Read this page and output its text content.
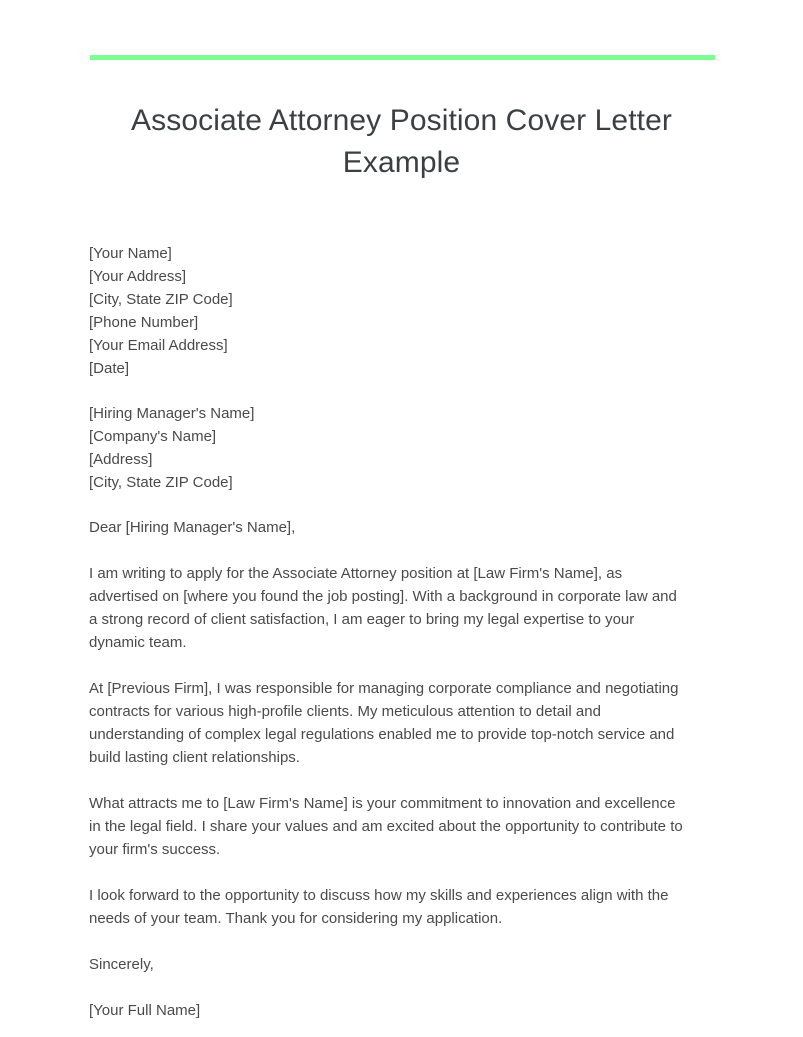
Associate Attorney Position Cover Letter Example
[Your Name]
[Your Address]
[City, State ZIP Code]
[Phone Number]
[Your Email Address]
[Date]
[Hiring Manager's Name]
[Company's Name]
[Address]
[City, State ZIP Code]

Dear [Hiring Manager's Name],

I am writing to apply for the Associate Attorney position at [Law Firm's Name], as advertised on [where you found the job posting]. With a background in corporate law and a strong record of client satisfaction, I am eager to bring my legal expertise to your dynamic team.

At [Previous Firm], I was responsible for managing corporate compliance and negotiating contracts for various high-profile clients. My meticulous attention to detail and understanding of complex legal regulations enabled me to provide top-notch service and build lasting client relationships.

What attracts me to [Law Firm's Name] is your commitment to innovation and excellence in the legal field. I share your values and am excited about the opportunity to contribute to your firm's success.

I look forward to the opportunity to discuss how my skills and experiences align with the needs of your team. Thank you for considering my application.

Sincerely,

[Your Full Name]
